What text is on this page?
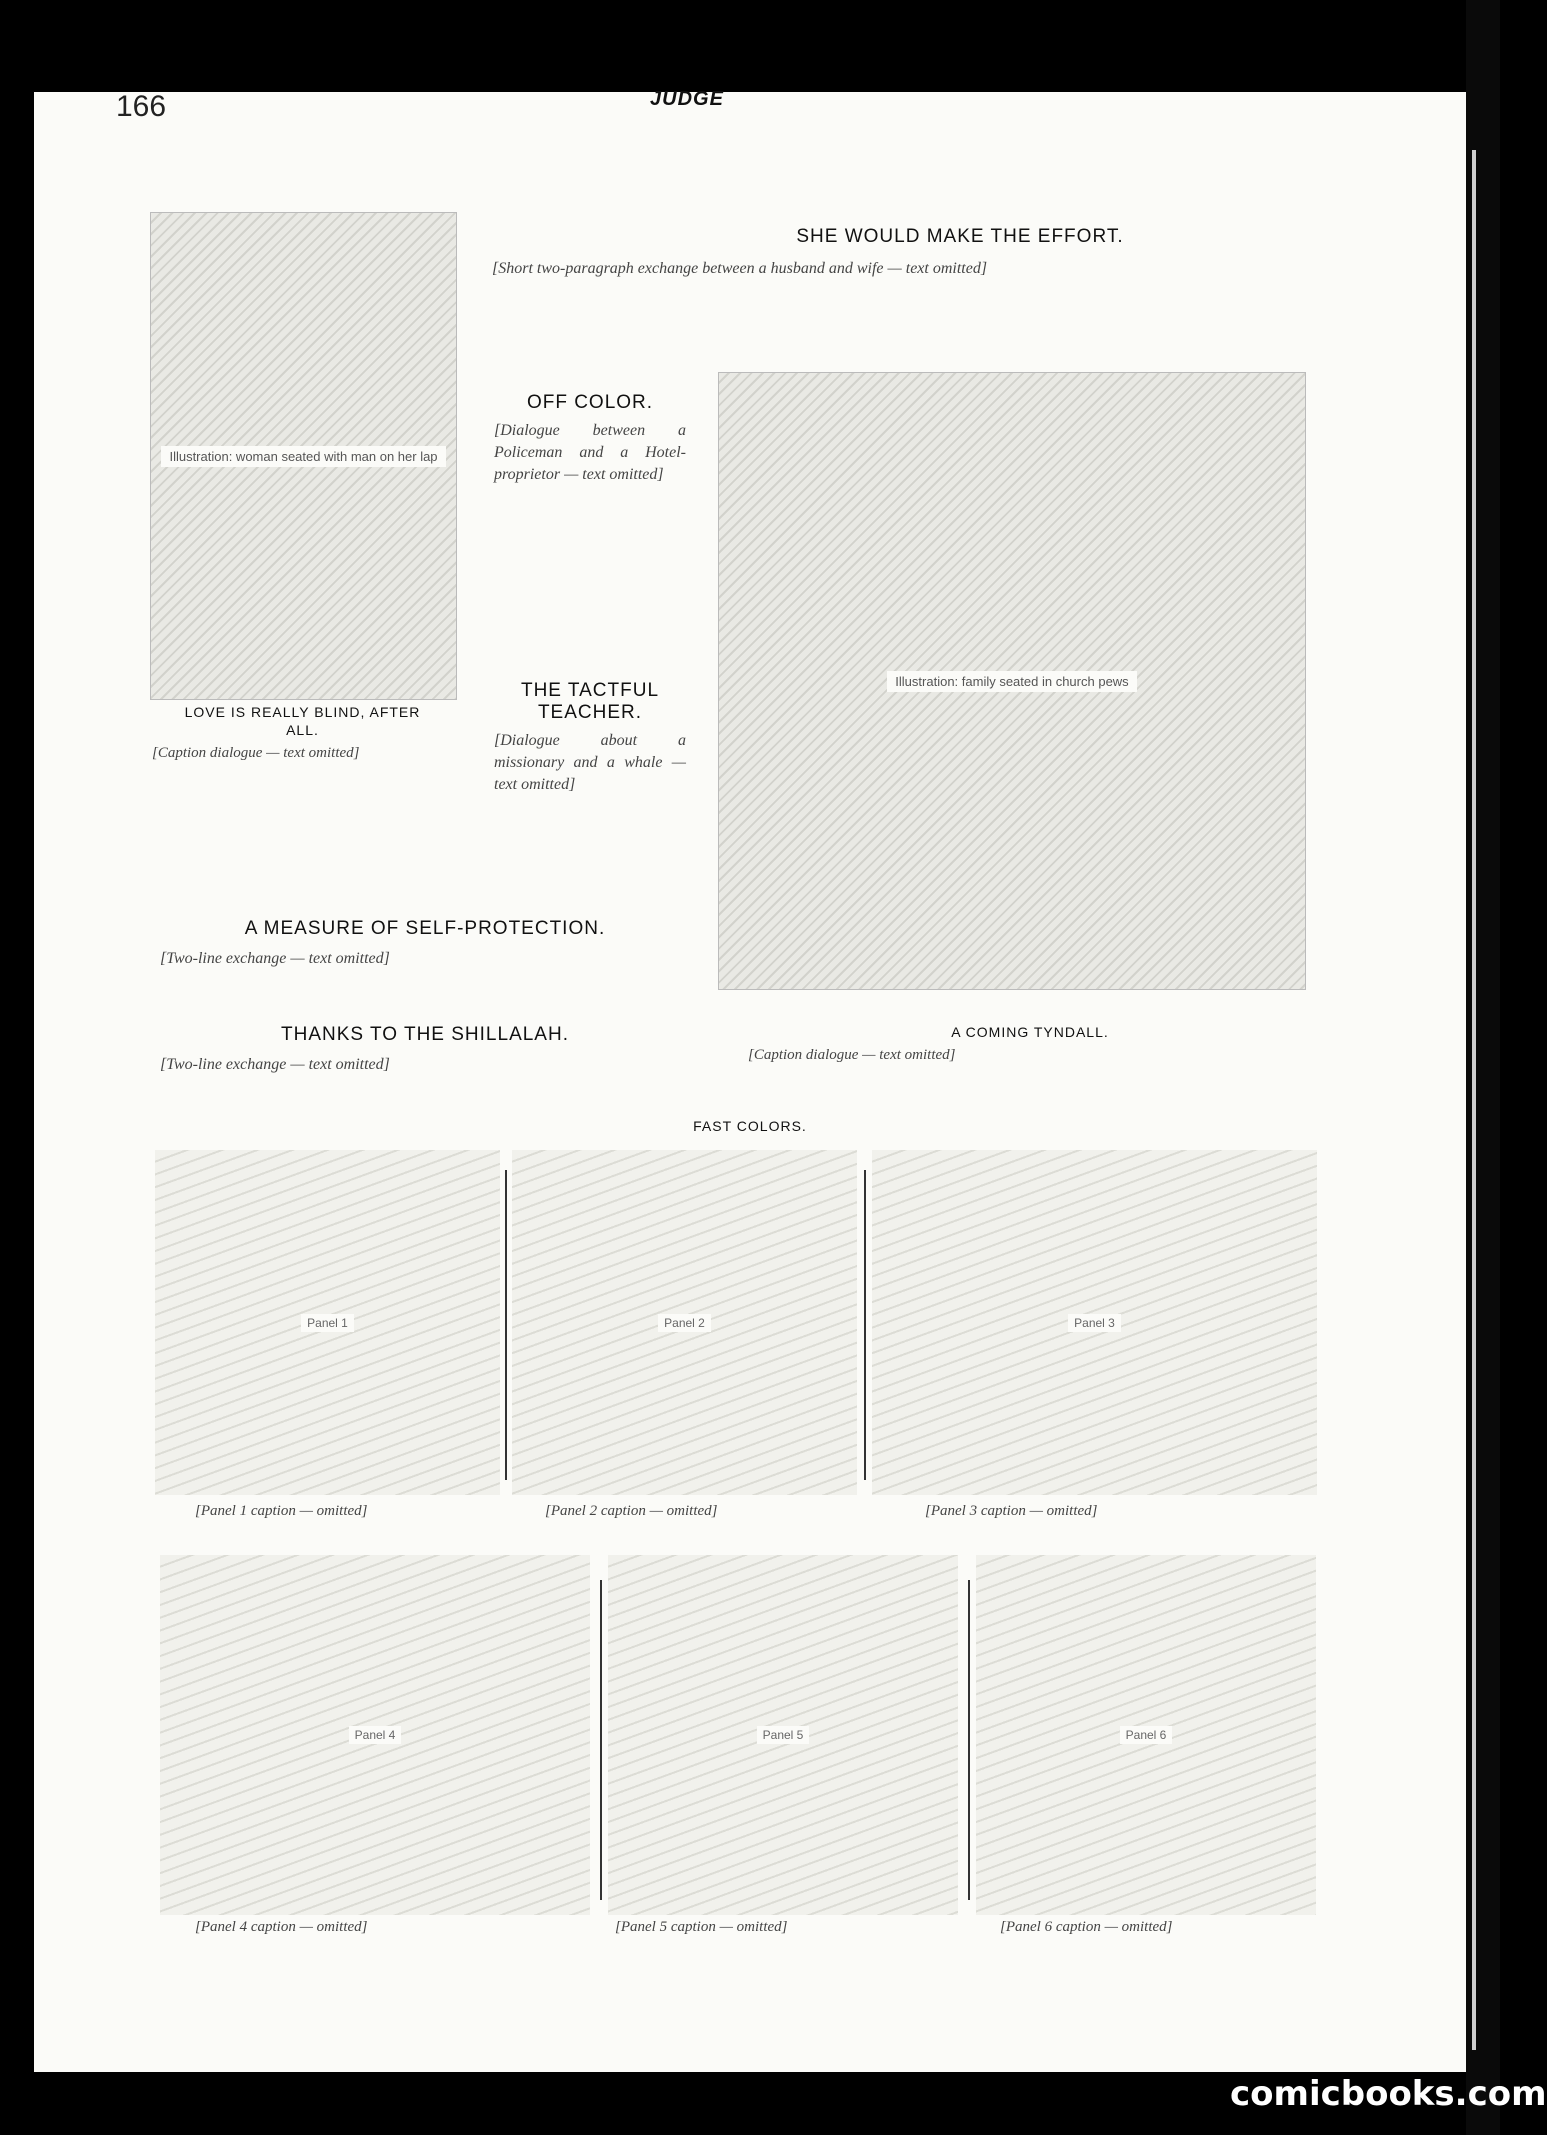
166	JUDGE
SHE WOULD MAKE THE EFFORT.
[Short two-paragraph exchange between a husband and wife — text omitted]
Illustration: woman seated with man on her lap
LOVE IS REALLY BLIND, AFTER
ALL.
[Caption dialogue — text omitted]
OFF COLOR.
[Dialogue between a Policeman and a Hotel-proprietor — text omitted]
Illustration: family seated in church pews
A COMING TYNDALL.
[Caption dialogue — text omitted]
THE TACTFUL
TEACHER.
[Dialogue about a missionary and a whale — text omitted]
A MEASURE OF SELF-PROTECTION.
[Two-line exchange — text omitted]
THANKS TO THE SHILLALAH.
[Two-line exchange — text omitted]
FAST COLORS.
Panel 1	Panel 2	Panel 3
[Panel 1 caption — omitted]	[Panel 2 caption — omitted]	[Panel 3 caption — omitted]
Panel 4	Panel 5	Panel 6
[Panel 4 caption — omitted]	[Panel 5 caption — omitted]	[Panel 6 caption — omitted]
comicbooks.com
